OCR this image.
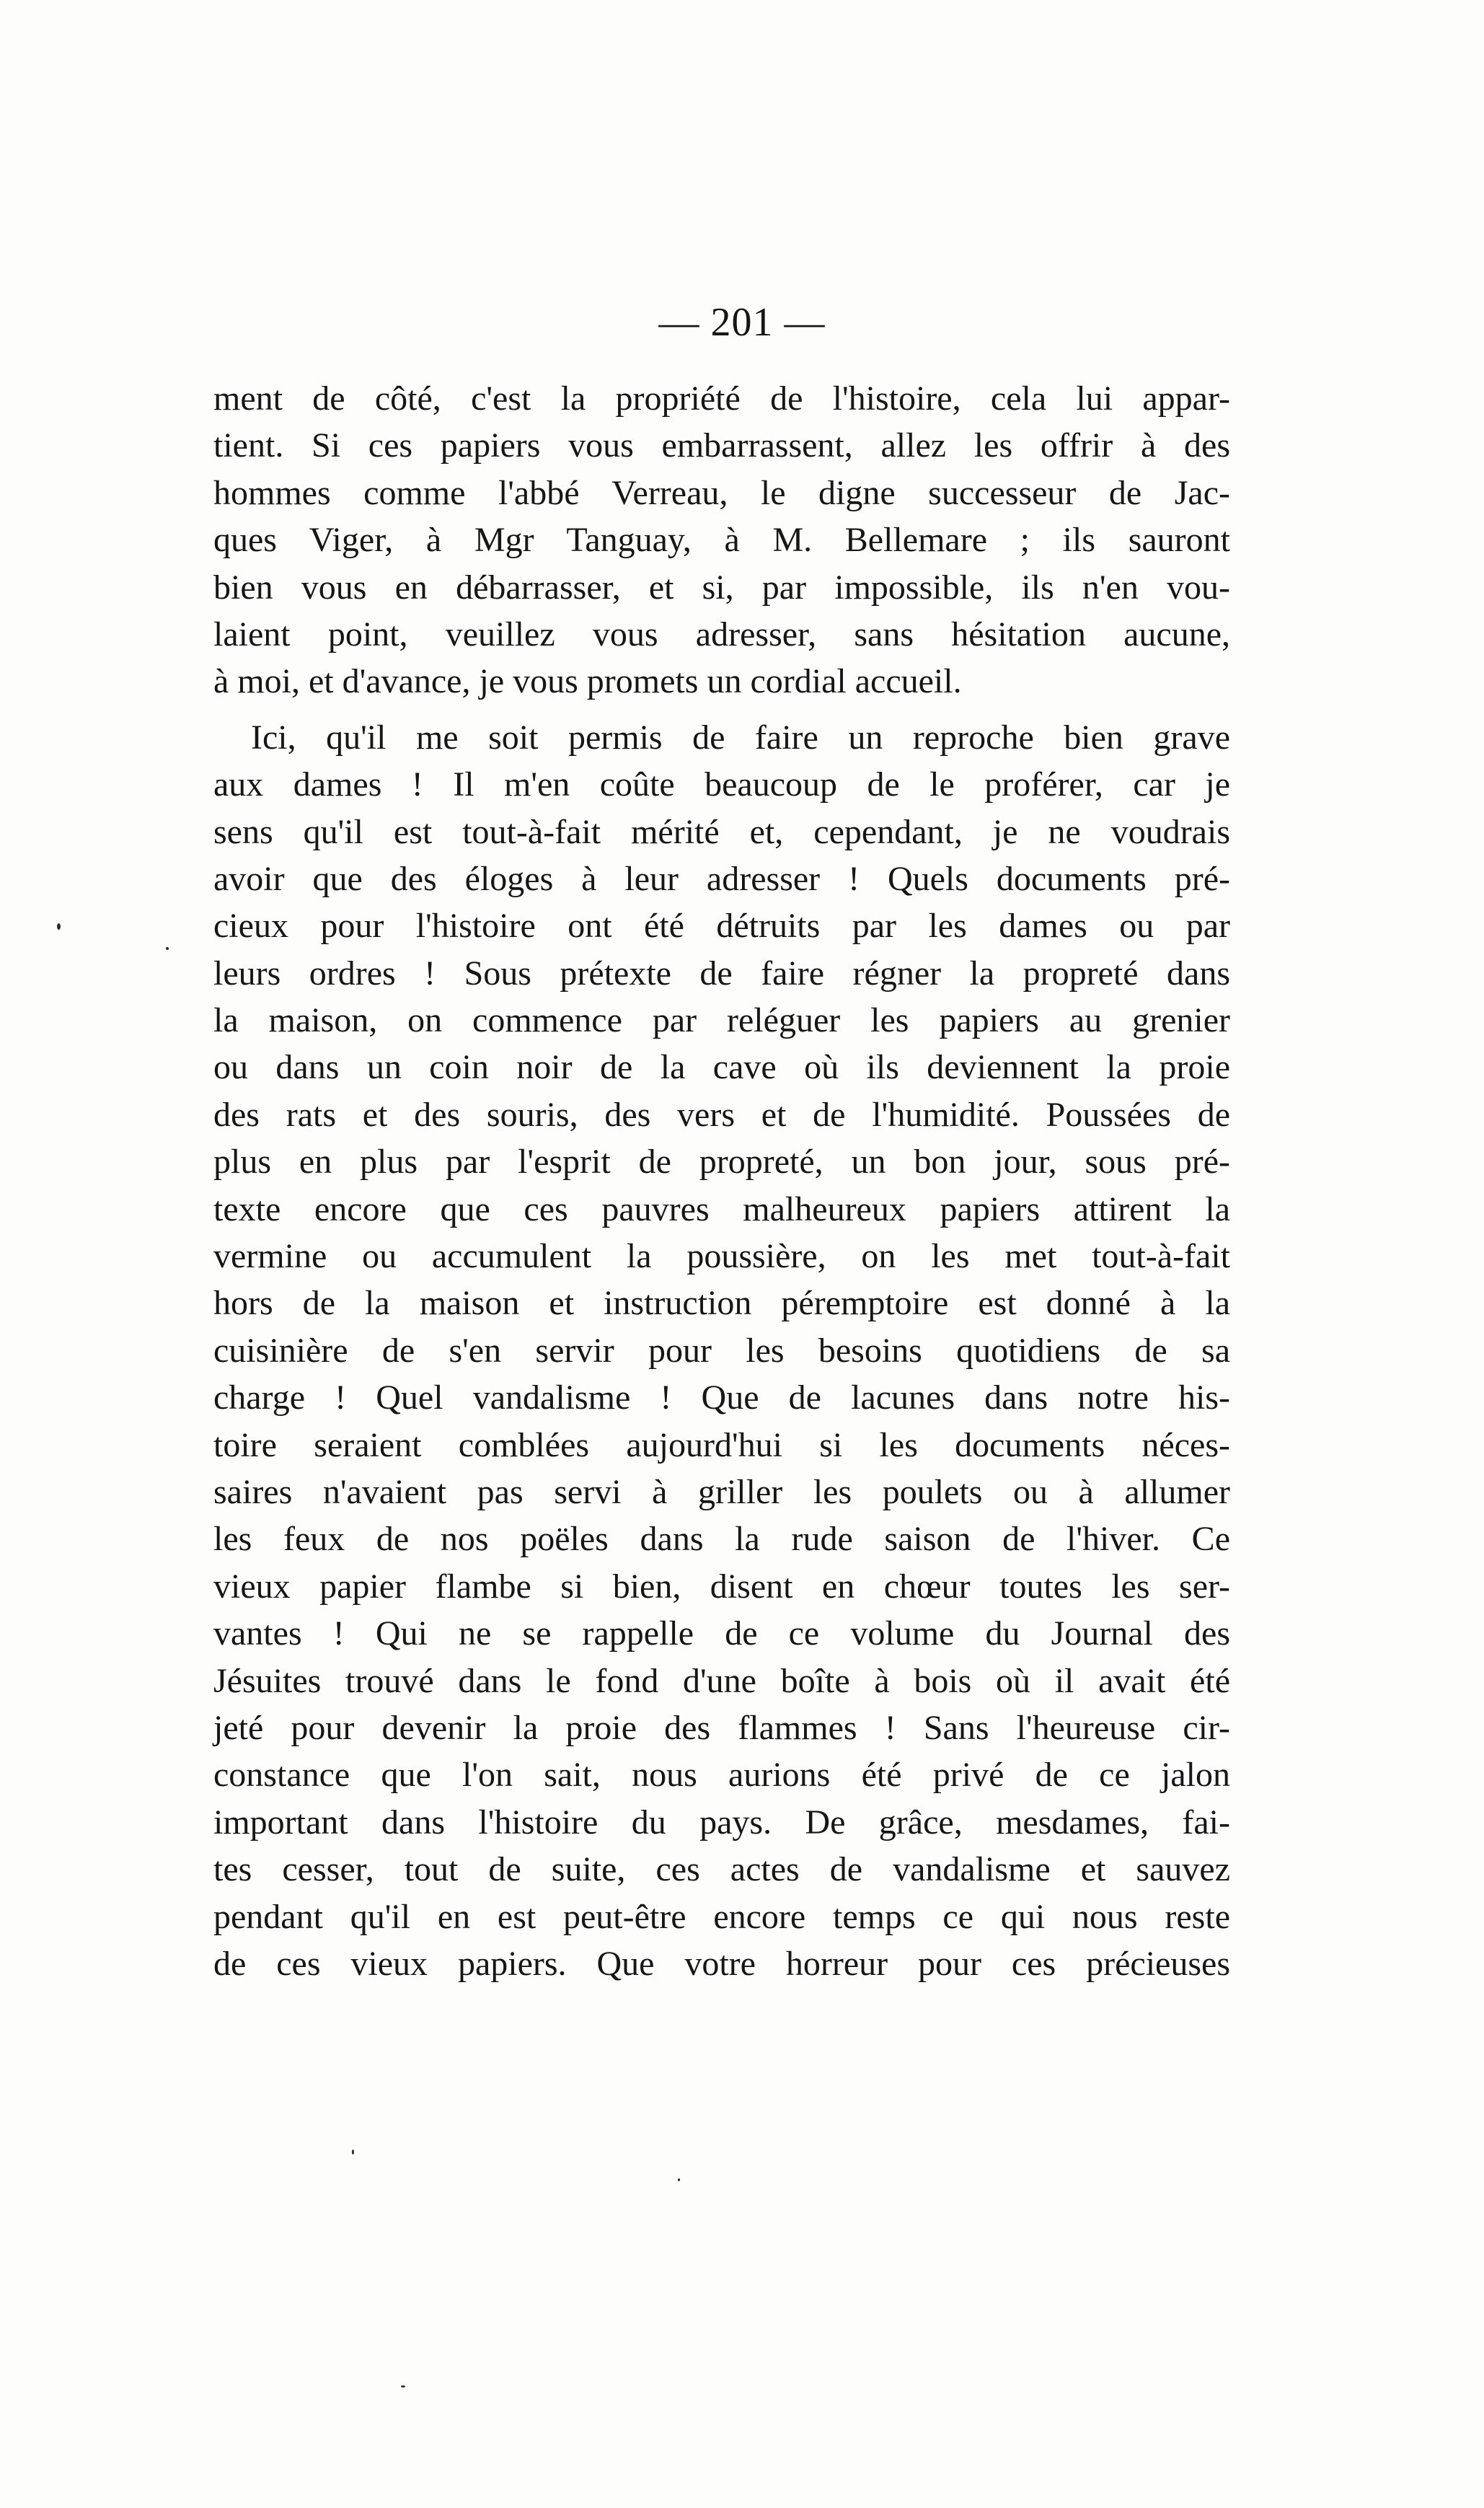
— 201 —
ment de côté, c'est la propriété de l'histoire, cela lui appar-
tient. Si ces papiers vous embarrassent, allez les offrir à des
hommes comme l'abbé Verreau, le digne successeur de Jac-
ques Viger, à Mgr Tanguay, à M. Bellemare ; ils sauront
bien vous en débarrasser, et si, par impossible, ils n'en vou-
laient point, veuillez vous adresser, sans hésitation aucune,
à moi, et d'avance, je vous promets un cordial accueil.
Ici, qu'il me soit permis de faire un reproche bien grave
aux dames ! Il m'en coûte beaucoup de le proférer, car je
sens qu'il est tout-à-fait mérité et, cependant, je ne voudrais
avoir que des éloges à leur adresser ! Quels documents pré-
cieux pour l'histoire ont été détruits par les dames ou par
leurs ordres ! Sous prétexte de faire régner la propreté dans
la maison, on commence par reléguer les papiers au grenier
ou dans un coin noir de la cave où ils deviennent la proie
des rats et des souris, des vers et de l'humidité. Poussées de
plus en plus par l'esprit de propreté, un bon jour, sous pré-
texte encore que ces pauvres malheureux papiers attirent la
vermine ou accumulent la poussière, on les met tout-à-fait
hors de la maison et instruction péremptoire est donné à la
cuisinière de s'en servir pour les besoins quotidiens de sa
charge ! Quel vandalisme ! Que de lacunes dans notre his-
toire seraient comblées aujourd'hui si les documents néces-
saires n'avaient pas servi à griller les poulets ou à allumer
les feux de nos poëles dans la rude saison de l'hiver. Ce
vieux papier flambe si bien, disent en chœur toutes les ser-
vantes ! Qui ne se rappelle de ce volume du Journal des
Jésuites trouvé dans le fond d'une boîte à bois où il avait été
jeté pour devenir la proie des flammes ! Sans l'heureuse cir-
constance que l'on sait, nous aurions été privé de ce jalon
important dans l'histoire du pays. De grâce, mesdames, fai-
tes cesser, tout de suite, ces actes de vandalisme et sauvez
pendant qu'il en est peut-être encore temps ce qui nous reste
de ces vieux papiers. Que votre horreur pour ces précieuses
